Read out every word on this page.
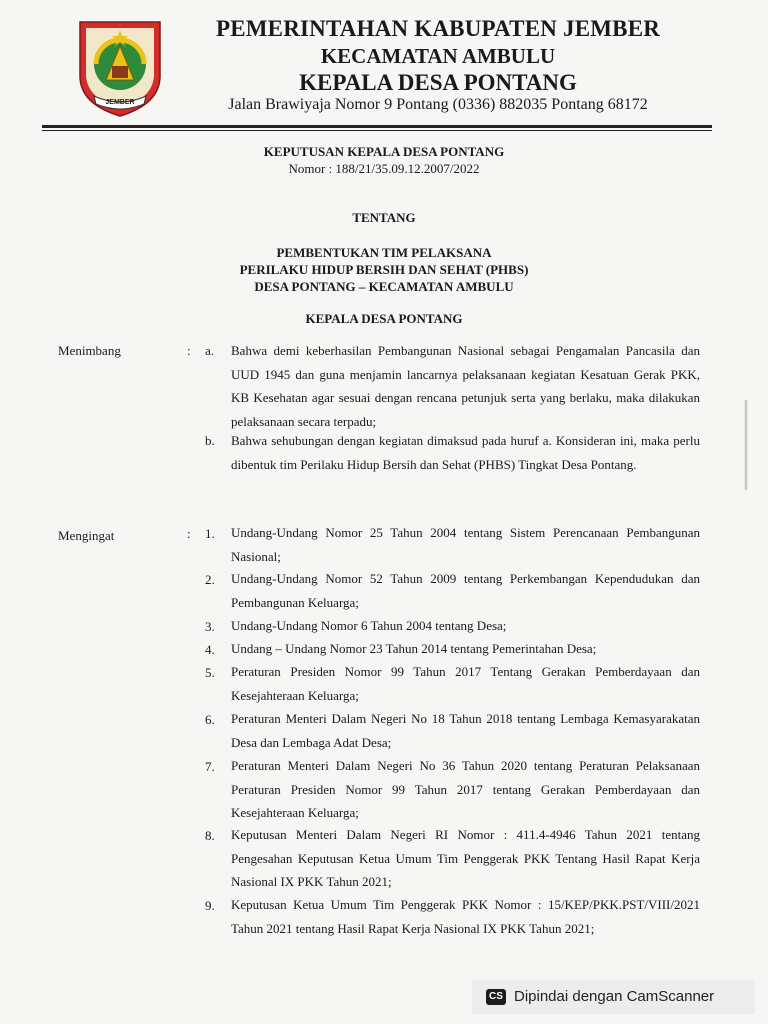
JEMBER
PEMERINTAHAN KABUPATEN JEMBER
KECAMATAN AMBULU
KEPALA DESA PONTANG
Jalan Brawiyaja Nomor 9 Pontang (0336) 882035 Pontang 68172
KEPUTUSAN KEPALA DESA PONTANG
Nomor : 188/21/35.09.12.2007/2022
TENTANG
PEMBENTUKAN TIM PELAKSANA
PERILAKU HIDUP BERSIH DAN SEHAT (PHBS)
DESA PONTANG – KECAMATAN AMBULU
KEPALA DESA PONTANG
Menimbang	: a. Bahwa demi keberhasilan Pembangunan Nasional sebagai Pengamalan Pancasila dan UUD 1945 dan guna menjamin lancarnya pelaksanaan kegiatan Kesatuan Gerak PKK, KB Kesehatan agar sesuai dengan rencana petunjuk serta yang berlaku, maka dilakukan pelaksanaan secara terpadu;
b. Bahwa sehubungan dengan kegiatan dimaksud pada huruf a. Konsideran ini, maka perlu dibentuk tim Perilaku Hidup Bersih dan Sehat (PHBS) Tingkat Desa Pontang.
Mengingat	: 1. Undang-Undang Nomor 25 Tahun 2004 tentang Sistem Perencanaan Pembangunan Nasional;
2. Undang-Undang Nomor 52 Tahun 2009 tentang Perkembangan Kependudukan dan Pembangunan Keluarga;
3. Undang-Undang Nomor 6 Tahun 2004 tentang Desa;
4. Undang – Undang Nomor 23 Tahun 2014 tentang Pemerintahan Desa;
5. Peraturan Presiden Nomor 99 Tahun 2017 Tentang Gerakan Pemberdayaan dan Kesejahteraan Keluarga;
6. Peraturan Menteri Dalam Negeri No 18 Tahun 2018 tentang Lembaga Kemasyarakatan Desa dan Lembaga Adat Desa;
7. Peraturan Menteri Dalam Negeri No 36 Tahun 2020 tentang Peraturan Pelaksanaan Peraturan Presiden Nomor 99 Tahun 2017 tentang Gerakan Pemberdayaan dan Kesejahteraan Keluarga;
8. Keputusan Menteri Dalam Negeri RI Nomor : 411.4-4946 Tahun 2021 tentang Pengesahan Keputusan Ketua Umum Tim Penggerak PKK Tentang Hasil Rapat Kerja Nasional IX PKK Tahun 2021;
9. Keputusan Ketua Umum Tim Penggerak PKK Nomor : 15/KEP/PKK.PST/VIII/2021 Tahun 2021 tentang Hasil Rapat Kerja Nasional IX PKK Tahun 2021;
CS Dipindai dengan CamScanner
